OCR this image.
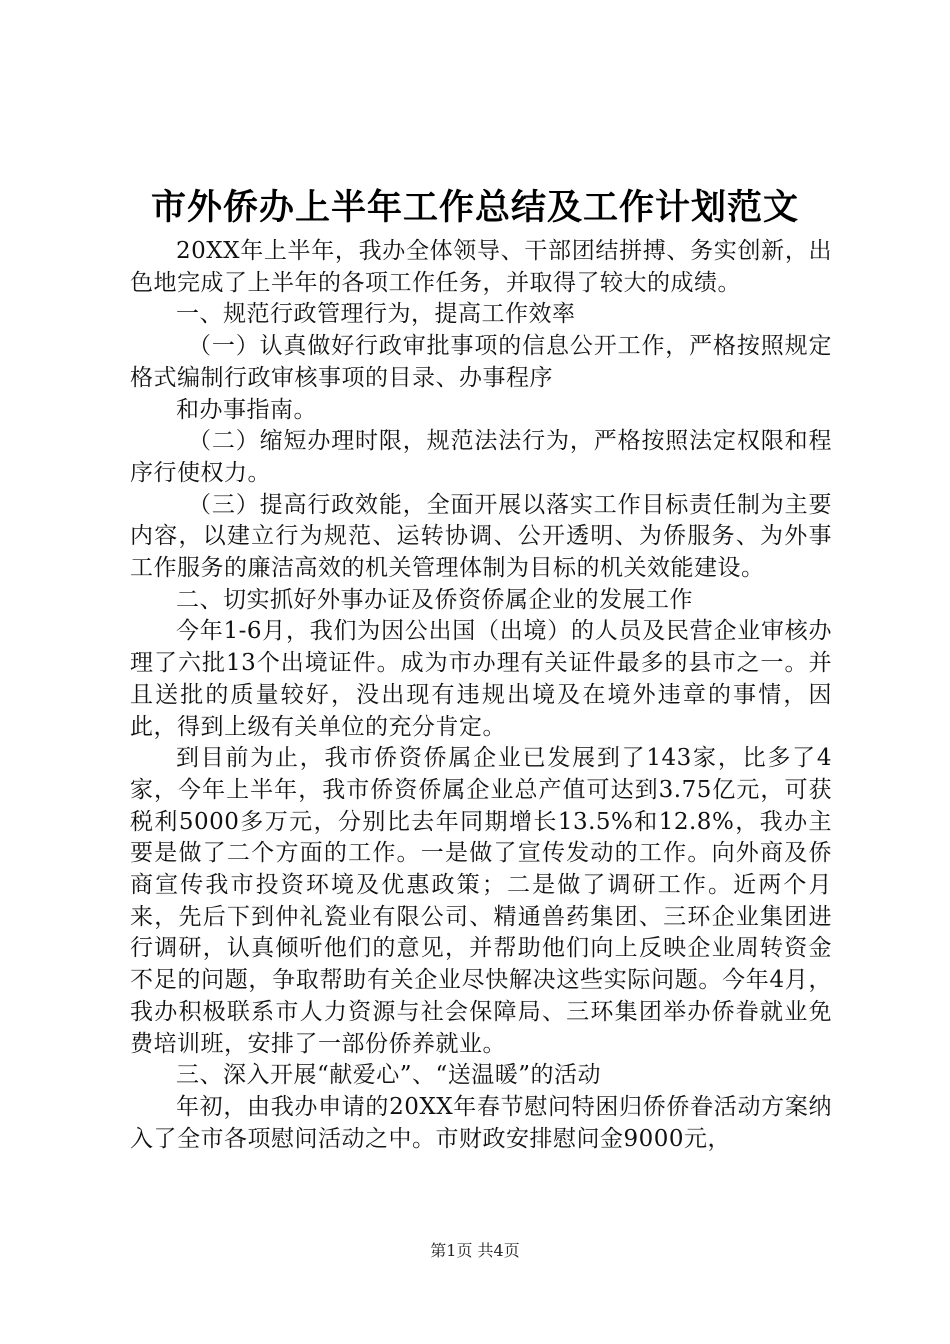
市外侨办上半年工作总结及工作计划范文

20XX年上半年，我办全体领导、干部团结拼搏、务实创新，出色地完成了上半年的各项工作任务，并取得了较大的成绩。

一、规范行政管理行为，提高工作效率

（一）认真做好行政审批事项的信息公开工作，严格按照规定格式编制行政审核事项的目录、办事程序

和办事指南。

（二）缩短办理时限，规范法法行为，严格按照法定权限和程序行使权力。

（三）提高行政效能，全面开展以落实工作目标责任制为主要内容，以建立行为规范、运转协调、公开透明、为侨服务、为外事工作服务的廉洁高效的机关管理体制为目标的机关效能建设。

二、切实抓好外事办证及侨资侨属企业的发展工作

今年1-6月，我们为因公出国（出境）的人员及民营企业审核办理了六批13个出境证件。成为市办理有关证件最多的县市之一。并且送批的质量较好，没出现有违规出境及在境外违章的事情，因此，得到上级有关单位的充分肯定。

到目前为止，我市侨资侨属企业已发展到了143家，比多了4家，今年上半年，我市侨资侨属企业总产值可达到3.75亿元，可获税利5000多万元，分别比去年同期增长13.5%和12.8%，我办主要是做了二个方面的工作。一是做了宣传发动的工作。向外商及侨商宣传我市投资环境及优惠政策；二是做了调研工作。近两个月来，先后下到仲礼瓷业有限公司、精通兽药集团、三环企业集团进行调研，认真倾听他们的意见，并帮助他们向上反映企业周转资金不足的问题，争取帮助有关企业尽快解决这些实际问题。今年4月，我办积极联系市人力资源与社会保障局、三环集团举办侨眷就业免费培训班，安排了一部份侨养就业。

三、深入开展“献爱心”、“送温暖”的活动

年初，由我办申请的20XX年春节慰问特困归侨侨眷活动方案纳入了全市各项慰问活动之中。市财政安排慰问金9000元，

第1页 共4页
